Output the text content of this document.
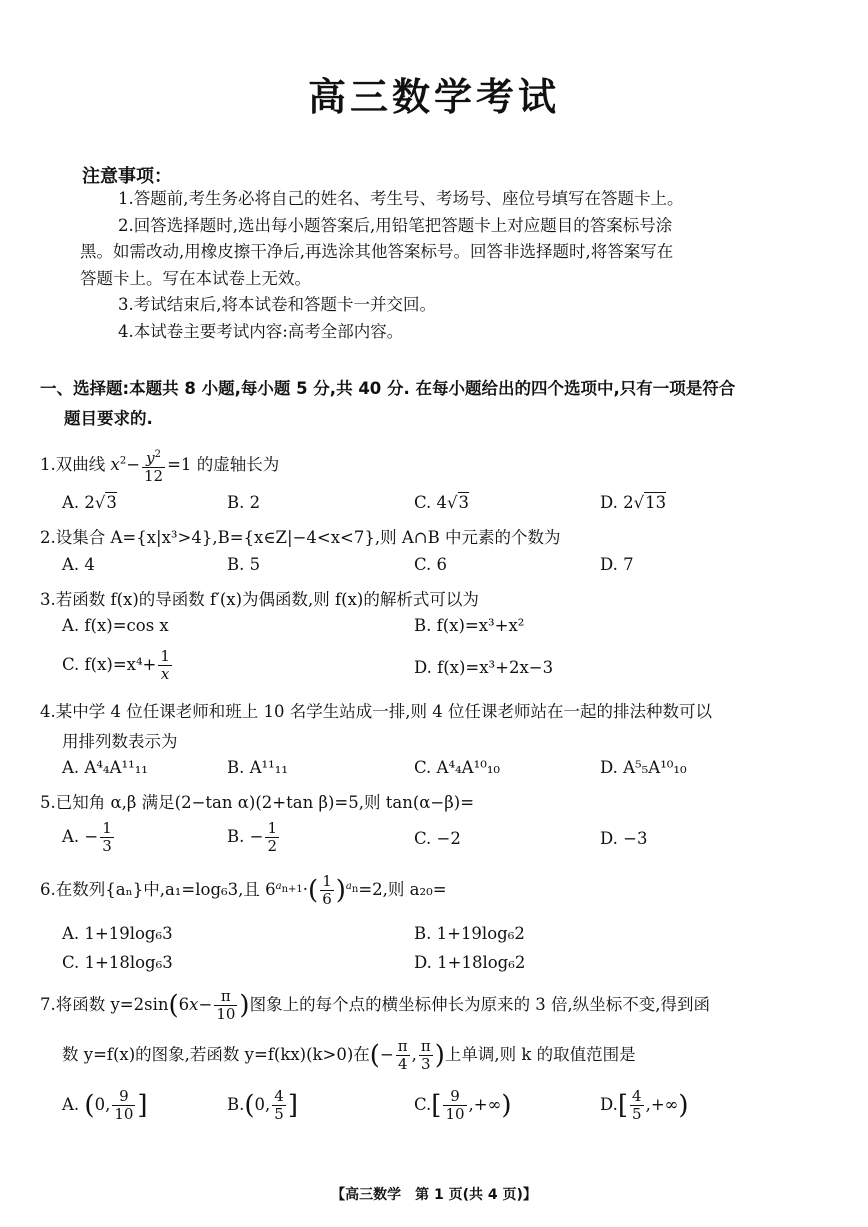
高三数学考试
注意事项：

1.答题前,考生务必将自己的姓名、考生号、考场号、座位号填写在答题卡上。

2.回答选择题时,选出每小题答案后,用铅笔把答题卡上对应题目的答案标号涂

黑。如需改动,用橡皮擦干净后,再选涂其他答案标号。回答非选择题时,将答案写在

答题卡上。写在本试卷上无效。

3.考试结束后,将本试卷和答题卡一并交回。

4.本试卷主要考试内容:高考全部内容。

一、选择题:本题共 8 小题,每小题 5 分,共 40 分. 在每小题给出的四个选项中,只有一项是符合
题目要求的.
1.双曲线 $x^2- \frac{y^2}{12} =1$ 的虚轴长为
A. 2√3	B. 2	C. 4√3	D. 2√13
2.设集合 A={x|x³>4},B={x∈Z|−4<x<7},则 A∩B 中元素的个数为
A. 4	B. 5	C. 6	D. 7
3.若函数 f(x)的导函数 f′(x)为偶函数,则 f(x)的解析式可以为
A. f(x)=cos x	B. f(x)=x³+x²
C. $f(x)=x^4+ \frac{1}{x}$	D. f(x)=x³+2x−3
4.某中学 4 位任课老师和班上 10 名学生站成一排,则 4 位任课老师站在一起的排法种数可以
用排列数表示为
A. A⁴₄A¹¹₁₁	B. A¹¹₁₁	C. A⁴₄A¹⁰₁₀	D. A⁵₅A¹⁰₁₀
5.已知角 α,β 满足(2−tan α)(2+tan β)=5,则 tan(α−β)=
A. − $\frac{1}{3}$	B. − $\frac{1}{2}$	C. −2	D. −3
6.在数列{aₙ}中,a₁=log₆3,且 $6^{a_{n+1}}\cdot( \frac{1}{6} )^{a_n}=2$,则 a₂₀=
A. 1+19log₆3	B. 1+19log₆2
C. 1+18log₆3	D. 1+18log₆2
7.将函数 $y=2\sin(6x- \frac{\pi}{10}$ )图象上的每个点的横坐标伸长为原来的 3 倍,纵坐标不变,得到函
数 y=f(x)的图象,若函数 y=f(kx)(k>0)在(− $\frac{\pi}{4}$ , $\frac{\pi}{3}$ )上单调,则 k 的取值范围是
A. (0, $\frac{9}{10}$ ]	B.(0, $\frac{4}{5}$ ]	$C.[ \frac{9}{10}$ ,+∞)	$D.[ \frac{4}{5}$ ,+∞)
【高三数学　第 1 页(共 4 页)】
